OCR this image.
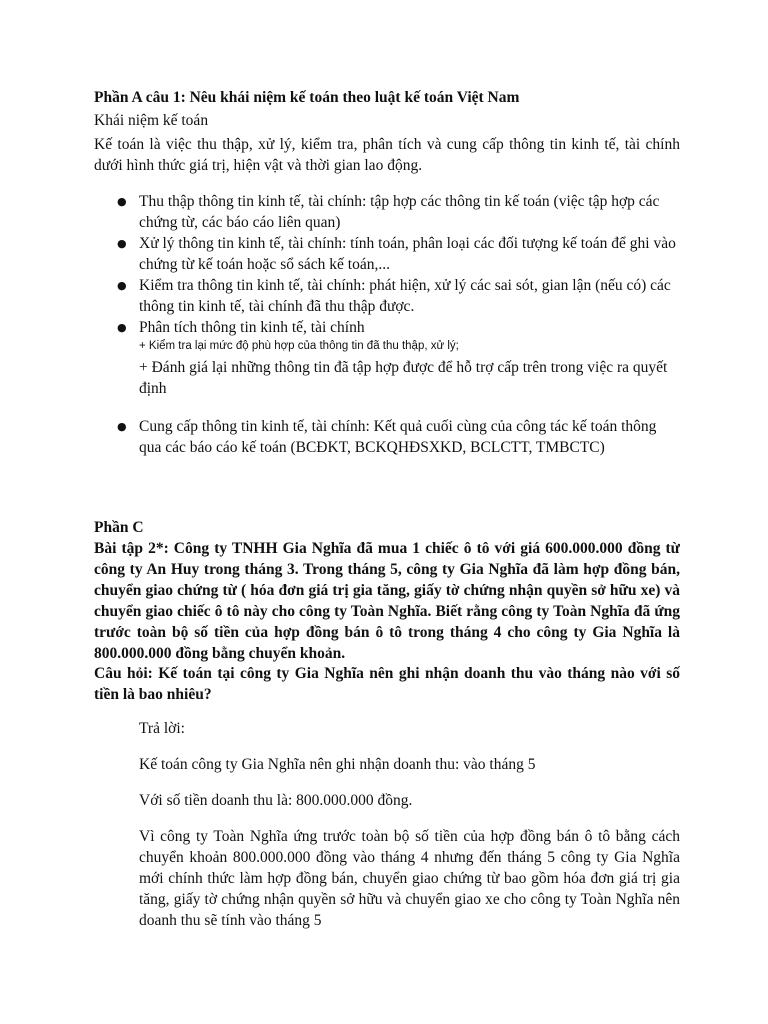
Phần A câu 1: Nêu khái niệm kế toán theo luật kế toán Việt Nam

Khái niệm kế toán

Kế toán là việc thu thập, xử lý, kiểm tra, phân tích và cung cấp thông tin kinh tế, tài chính dưới hình thức giá trị, hiện vật và thời gian lao động.

● Thu thập thông tin kinh tế, tài chính: tập hợp các thông tin kế toán (việc tập hợp các chứng từ, các báo cáo liên quan)
● Xử lý thông tin kinh tế, tài chính: tính toán, phân loại các đối tượng kế toán để ghi vào chứng từ kế toán hoặc sổ sách kế toán,...
● Kiểm tra thông tin kinh tế, tài chính: phát hiện, xử lý các sai sót, gian lận (nếu có) các thông tin kinh tế, tài chính đã thu thập được.
● Phân tích thông tin kinh tế, tài chính
+ Kiểm tra lại mức độ phù hợp của thông tin đã thu thập, xử lý;
+ Đánh giá lại những thông tin đã tập hợp được để hỗ trợ cấp trên trong việc ra quyết định
● Cung cấp thông tin kinh tế, tài chính: Kết quả cuối cùng của công tác kế toán thông qua các báo cáo kế toán (BCĐKT, BCKQHĐSXKD, BCLCTT, TMBCTC)

Phần C

Bài tập 2*: Công ty TNHH Gia Nghĩa đã mua 1 chiếc ô tô với giá 600.000.000 đồng từ công ty An Huy trong tháng 3. Trong tháng 5, công ty Gia Nghĩa đã làm hợp đồng bán, chuyển giao chứng từ ( hóa đơn giá trị gia tăng, giấy tờ chứng nhận quyền sở hữu xe) và chuyển giao chiếc ô tô này cho công ty Toàn Nghĩa. Biết rằng công ty Toàn Nghĩa đã ứng trước toàn bộ số tiền của hợp đồng bán ô tô trong tháng 4 cho công ty Gia Nghĩa là 800.000.000 đồng bằng chuyển khoản.

Câu hỏi: Kế toán tại công ty Gia Nghĩa nên ghi nhận doanh thu vào tháng nào với số tiền là bao nhiêu?

Trả lời:

Kế toán công ty Gia Nghĩa nên ghi nhận doanh thu: vào tháng 5

Với số tiền doanh thu là: 800.000.000 đồng.

Vì công ty Toàn Nghĩa ứng trước toàn bộ số tiền của hợp đồng bán ô tô bằng cách chuyển khoản 800.000.000 đồng vào tháng 4 nhưng đến tháng 5 công ty Gia Nghĩa mới chính thức làm hợp đồng bán, chuyển giao chứng từ bao gồm hóa đơn giá trị gia tăng, giấy tờ chứng nhận quyền sở hữu và chuyển giao xe cho công ty Toàn Nghĩa nên doanh thu sẽ tính vào tháng 5
